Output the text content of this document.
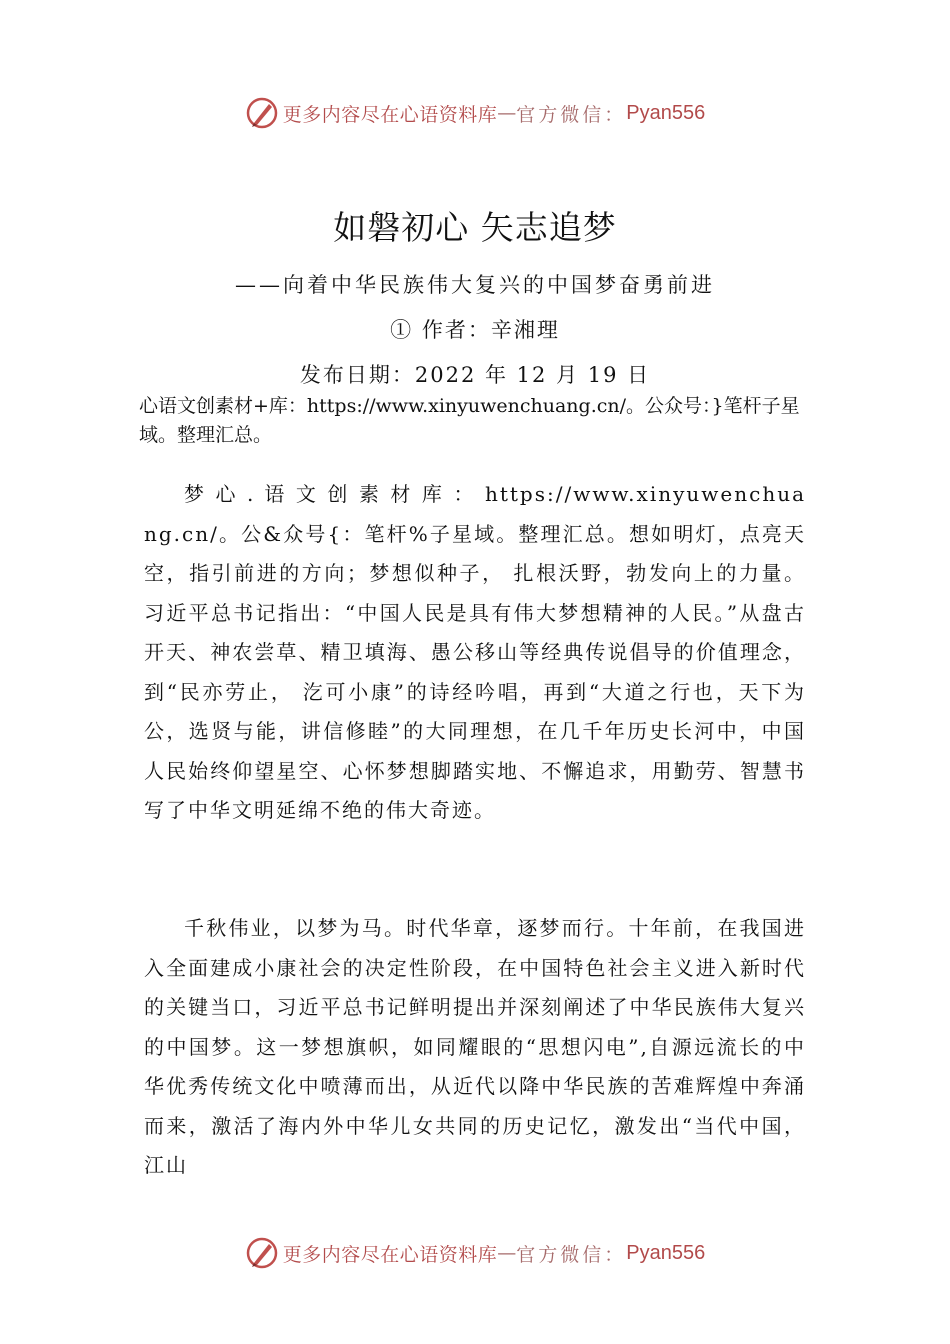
更多内容尽在心语资料库 — 官方微信： Pyan556
如磐初心 矢志追梦
——向着中华民族伟大复兴的中国梦奋勇前进
① 作者：辛湘理
发布日期：2022 年 12 月 19 日
心语文创素材+库：https://www.xinyuwenchuang.cn/。公众号：}笔杆子星域。整理汇总。
梦 心 . 语 文 创 素 材 库 ： https://www.xinyuwenchuang.cn/。公&众号{：笔杆%子星域。整理汇总。想如明灯，点亮天空，指引前进的方向；梦想似种子， 扎根沃野，勃发向上的力量。习近平总书记指出：“中国人民是具有伟大梦想精神的人民。”从盘古开天、神农尝草、精卫填海、愚公移山等经典传说倡导的价值理念，到“民亦劳止， 汔可小康”的诗经吟唱，再到“大道之行也，天下为公，选贤与能，讲信修睦”的大同理想，在几千年历史长河中，中国人民始终仰望星空、心怀梦想脚踏实地、不懈追求，用勤劳、智慧书写了中华文明延绵不绝的伟大奇迹。
千秋伟业，以梦为马。时代华章，逐梦而行。十年前，在我国进入全面建成小康社会的决定性阶段，在中国特色社会主义进入新时代的关键当口，习近平总书记鲜明提出并深刻阐述了中华民族伟大复兴的中国梦。这一梦想旗帜，如同耀眼的“思想闪电”,自源远流长的中华优秀传统文化中喷薄而出，从近代以降中华民族的苦难辉煌中奔涌而来，激活了海内外中华儿女共同的历史记忆，激发出“当代中国，江山
更多内容尽在心语资料库 — 官方微信： Pyan556
